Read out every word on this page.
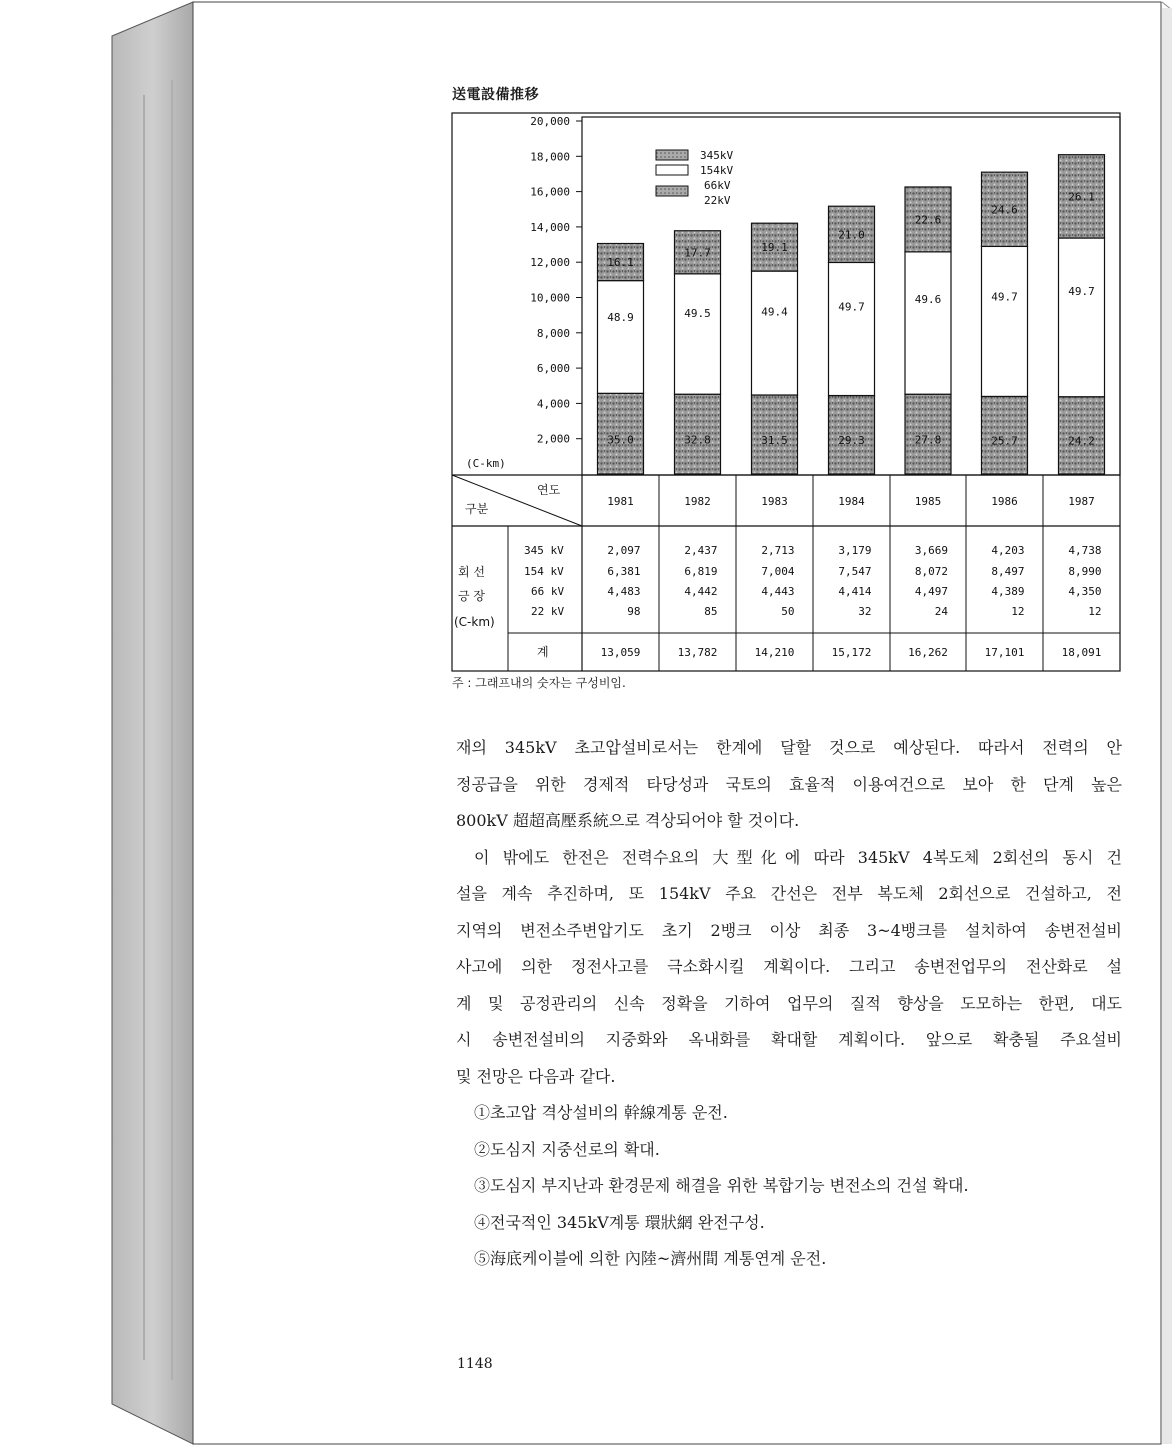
送電設備推移
20,000
18,000
16,000
14,000
12,000
10,000
8,000
6,000
4,000
2,000
(C-km)
345kV
154kV
66kV
22kV
35.0
48.9
16.1
32.8
49.5
17.7
31.5
49.4
19.1
29.3
49.7
21.0
27.8
49.6
22.6
25.7
49.7
24.6
24.2
49.7
26.1
연도
구분
회 선
긍 장
(C-km)
345 kV
154 kV
66 kV
22 kV
계
1981
2,097
6,381
4,483
98
13,059
1982
2,437
6,819
4,442
85
13,782
1983
2,713
7,004
4,443
50
14,210
1984
3,179
7,547
4,414
32
15,172
1985
3,669
8,072
4,497
24
16,262
1986
4,203
8,497
4,389
12
17,101
1987
4,738
8,990
4,350
12
18,091
주 : 그래프내의 숫자는 구성비임.

재의 345kV 초고압설비로서는 한계에 달할 것으로 예상된다. 따라서 전력의 안

정공급을 위한 경제적 타당성과 국토의 효율적 이용여건으로 보아 한 단계 높은

800kV 超超高壓系統으로 격상되어야 할 것이다.

이 밖에도 한전은 전력수요의 大型化에 따라 345kV 4복도체 2회선의 동시 건

설을 계속 추진하며, 또 154kV 주요 간선은 전부 복도체 2회선으로 건설하고, 전

지역의 변전소주변압기도 초기 2뱅크 이상 최종 3~4뱅크를 설치하여 송변전설비

사고에 의한 정전사고를 극소화시킬 계획이다. 그리고 송변전업무의 전산화로 설

계 및 공정관리의 신속 정확을 기하여 업무의 질적 향상을 도모하는 한편, 대도

시 송변전설비의 지중화와 옥내화를 확대할 계획이다. 앞으로 확충될 주요설비

및 전망은 다음과 같다.

①초고압 격상설비의 幹線계통 운전.

②도심지 지중선로의 확대.

③도심지 부지난과 환경문제 해결을 위한 복합기능 변전소의 건설 확대.

④전국적인 345kV계통 環狀網 완전구성.

⑤海底케이블에 의한 內陸~濟州間 계통연계 운전.

1148
